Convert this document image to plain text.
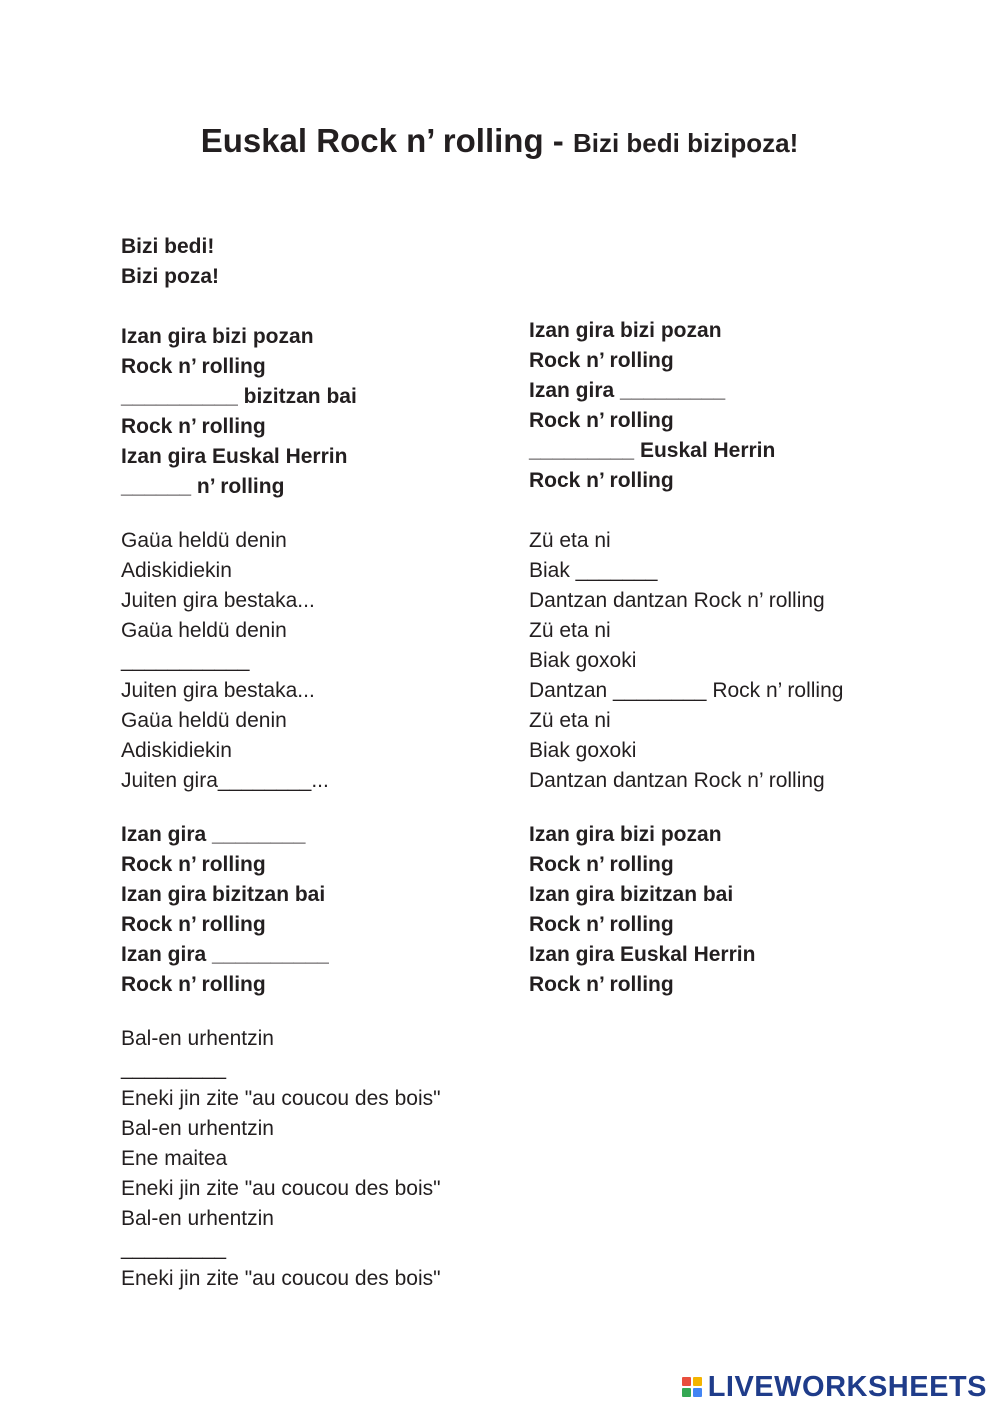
Euskal Rock n’ rolling - Bizi bedi bizipoza!
Bizi bedi!
Bizi poza!
Izan gira bizi pozan
Rock n’ rolling
__________ bizitzan bai
Rock n’ rolling
Izan gira Euskal Herrin
______ n’ rolling
Gaüa heldü denin
Adiskidiekin
Juiten gira bestaka...
Gaüa heldü denin
___________
Juiten gira bestaka...
Gaüa heldü denin
Adiskidiekin
Juiten gira________...
Izan gira ________
Rock n’ rolling
Izan gira bizitzan bai
Rock n’ rolling
Izan gira __________
Rock n’ rolling
Bal-en urhentzin
_________
Eneki jin zite "au coucou des bois"
Bal-en urhentzin
Ene maitea
Eneki jin zite "au coucou des bois"
Bal-en urhentzin
_________
Eneki jin zite "au coucou des bois"
Izan gira bizi pozan
Rock n’ rolling
Izan gira _________
Rock n’ rolling
_________ Euskal Herrin
Rock n’ rolling
Zü eta ni
Biak _______
Dantzan dantzan Rock n’ rolling
Zü eta ni
Biak goxoki
Dantzan ________ Rock n’ rolling
Zü eta ni
Biak goxoki
Dantzan dantzan Rock n’ rolling
Izan gira bizi pozan
Rock n’ rolling
Izan gira bizitzan bai
Rock n’ rolling
Izan gira Euskal Herrin
Rock n’ rolling
LIVEWORKSHEETS
